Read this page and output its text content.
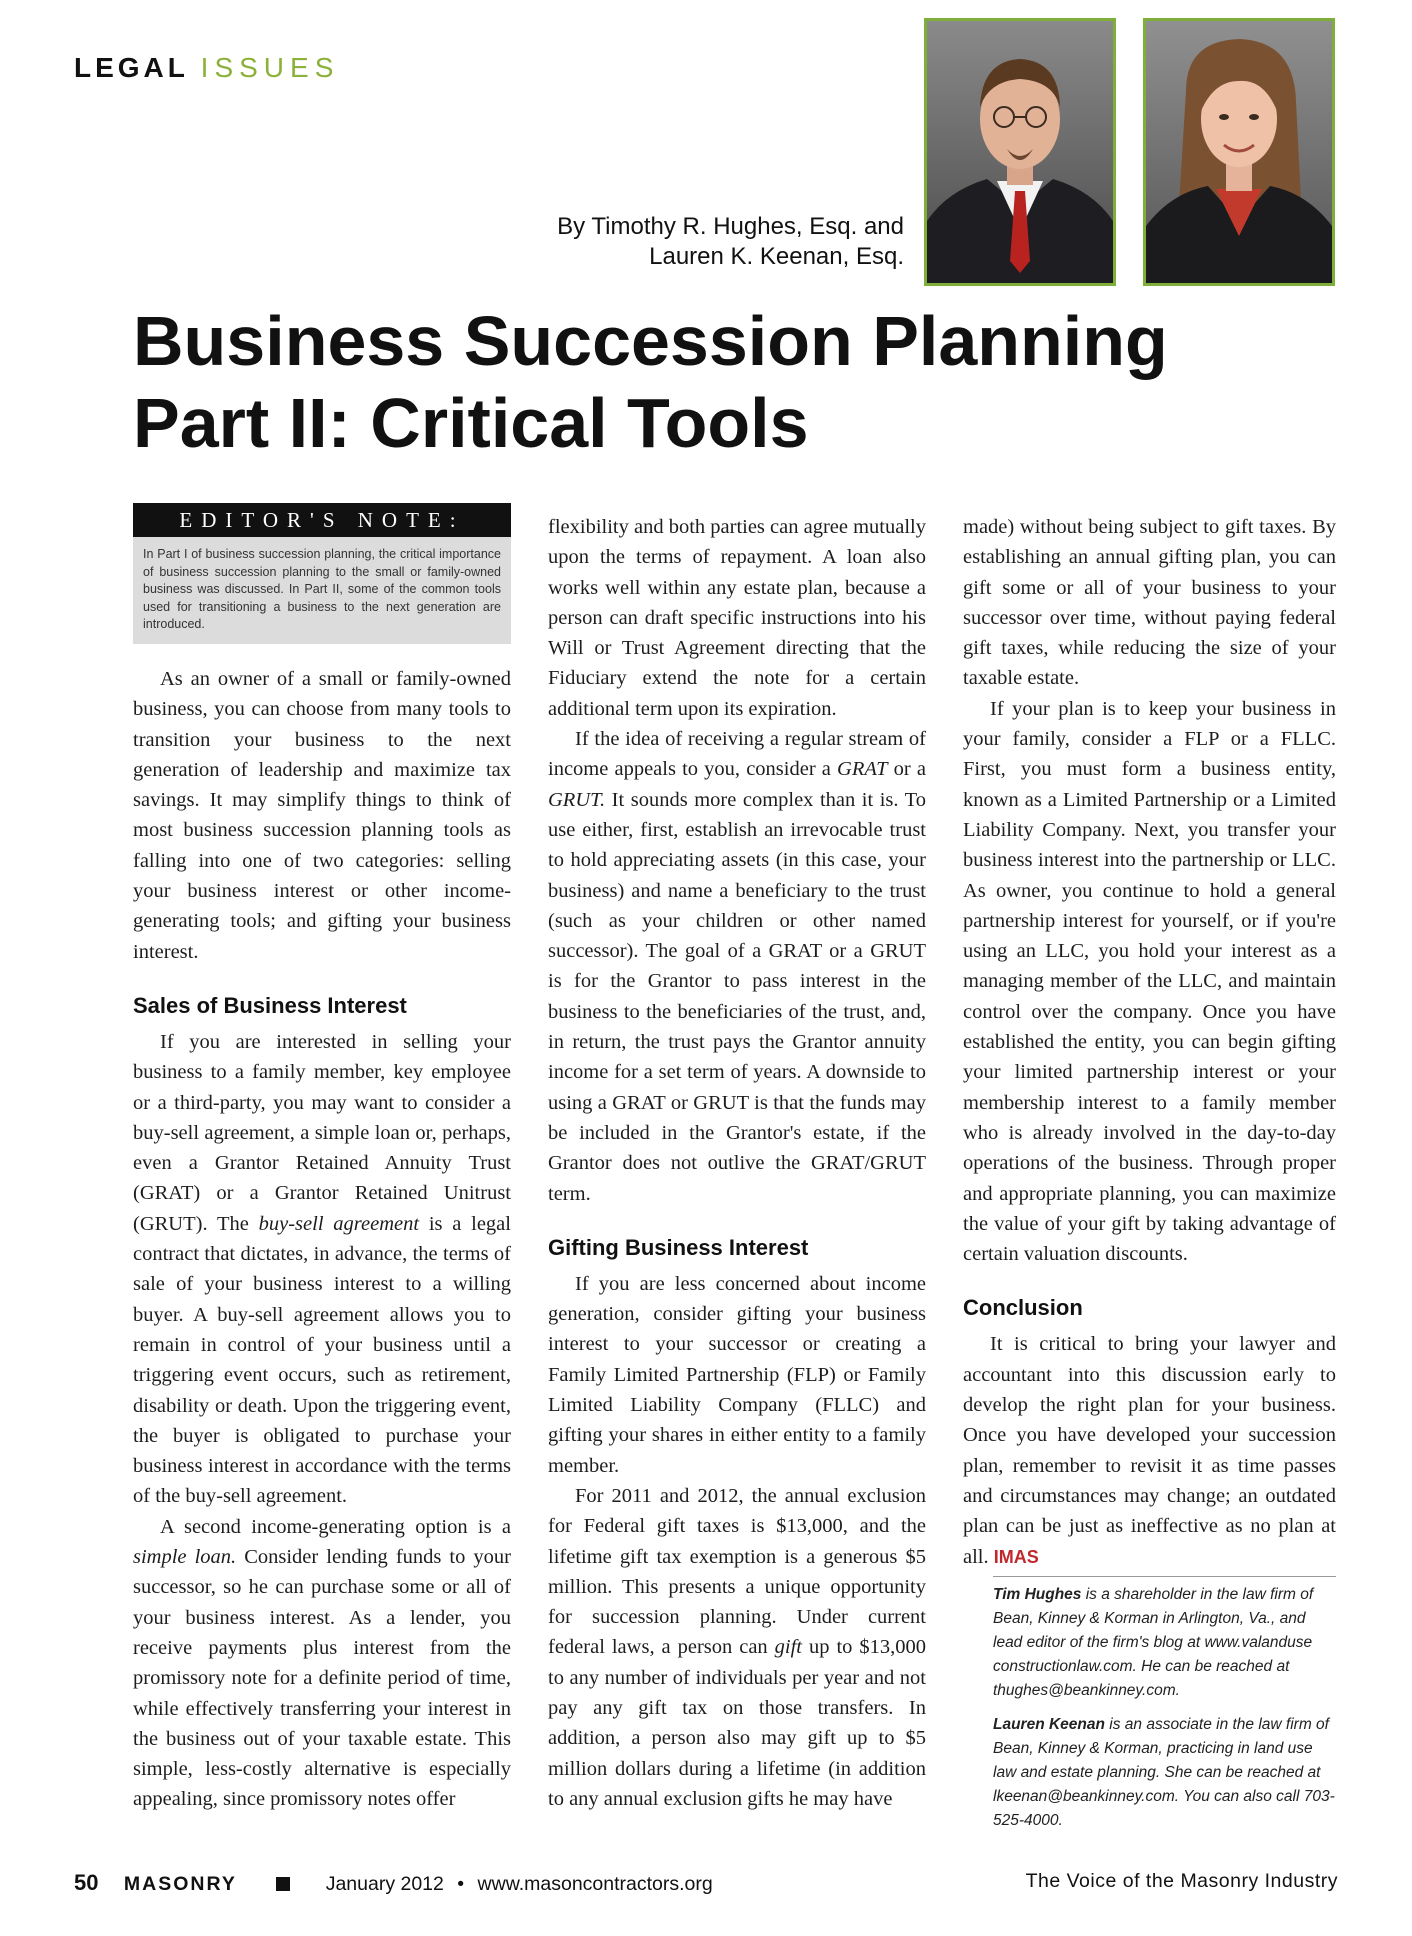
LEGAL ISSUES
By Timothy R. Hughes, Esq. and
Lauren K. Keenan, Esq.
Business Succession Planning
Part II: Critical Tools
EDITOR'S NOTE:
In Part I of business succession planning, the critical importance of business succession planning to the small or family-owned business was discussed. In Part II, some of the common tools used for transitioning a business to the next generation are introduced.

As an owner of a small or family-owned business, you can choose from many tools to transition your business to the next generation of leadership and maximize tax savings. It may simplify things to think of most business succession planning tools as falling into one of two categories: selling your business interest or other income-generating tools; and gifting your business interest.

Sales of Business Interest

If you are interested in selling your business to a family member, key employee or a third-party, you may want to consider a buy-sell agreement, a simple loan or, perhaps, even a Grantor Retained Annuity Trust (GRAT) or a Grantor Retained Unitrust (GRUT). The buy-sell agreement is a legal contract that dictates, in advance, the terms of sale of your business interest to a willing buyer. A buy-sell agreement allows you to remain in control of your business until a triggering event occurs, such as retirement, disability or death. Upon the triggering event, the buyer is obligated to purchase your business interest in accordance with the terms of the buy-sell agreement.

A second income-generating option is a simple loan. Consider lending funds to your successor, so he can purchase some or all of your business interest. As a lender, you receive payments plus interest from the promissory note for a definite period of time, while effectively transferring your interest in the business out of your taxable estate. This simple, less-costly alternative is especially appealing, since promissory notes offer

flexibility and both parties can agree mutually upon the terms of repayment. A loan also works well within any estate plan, because a person can draft specific instructions into his Will or Trust Agreement directing that the Fiduciary extend the note for a certain additional term upon its expiration.

If the idea of receiving a regular stream of income appeals to you, consider a GRAT or a GRUT. It sounds more complex than it is. To use either, first, establish an irrevocable trust to hold appreciating assets (in this case, your business) and name a beneficiary to the trust (such as your children or other named successor). The goal of a GRAT or a GRUT is for the Grantor to pass interest in the business to the beneficiaries of the trust, and, in return, the trust pays the Grantor annuity income for a set term of years. A downside to using a GRAT or GRUT is that the funds may be included in the Grantor's estate, if the Grantor does not outlive the GRAT/GRUT term.

Gifting Business Interest

If you are less concerned about income generation, consider gifting your business interest to your successor or creating a Family Limited Partnership (FLP) or Family Limited Liability Company (FLLC) and gifting your shares in either entity to a family member.

For 2011 and 2012, the annual exclusion for Federal gift taxes is $13,000, and the lifetime gift tax exemption is a generous $5 million. This presents a unique opportunity for succession planning. Under current federal laws, a person can gift up to $13,000 to any number of individuals per year and not pay any gift tax on those transfers. In addition, a person also may gift up to $5 million dollars during a lifetime (in addition to any annual exclusion gifts he may have

made) without being subject to gift taxes. By establishing an annual gifting plan, you can gift some or all of your business to your successor over time, without paying federal gift taxes, while reducing the size of your taxable estate.

If your plan is to keep your business in your family, consider a FLP or a FLLC. First, you must form a business entity, known as a Limited Partnership or a Limited Liability Company. Next, you transfer your business interest into the partnership or LLC. As owner, you continue to hold a general partnership interest for yourself, or if you're using an LLC, you hold your interest as a managing member of the LLC, and maintain control over the company. Once you have established the entity, you can begin gifting your limited partnership interest or your membership interest to a family member who is already involved in the day-to-day operations of the business. Through proper and appropriate planning, you can maximize the value of your gift by taking advantage of certain valuation discounts.

Conclusion

It is critical to bring your lawyer and accountant into this discussion early to develop the right plan for your business. Once you have developed your succession plan, remember to revisit it as time passes and circumstances may change; an outdated plan can be just as ineffective as no plan at all. IMAS

Tim Hughes is a shareholder in the law firm of Bean, Kinney & Korman in Arlington, Va., and lead editor of the firm's blog at www.valanduse constructionlaw.com. He can be reached at thughes@beankinney.com.
Lauren Keenan is an associate in the law firm of Bean, Kinney & Korman, practicing in land use law and estate planning. She can be reached at lkeenan@beankinney.com. You can also call 703-525-4000.
50 MASONRY	January 2012 • www.masoncontractors.org	The Voice of the Masonry Industry
